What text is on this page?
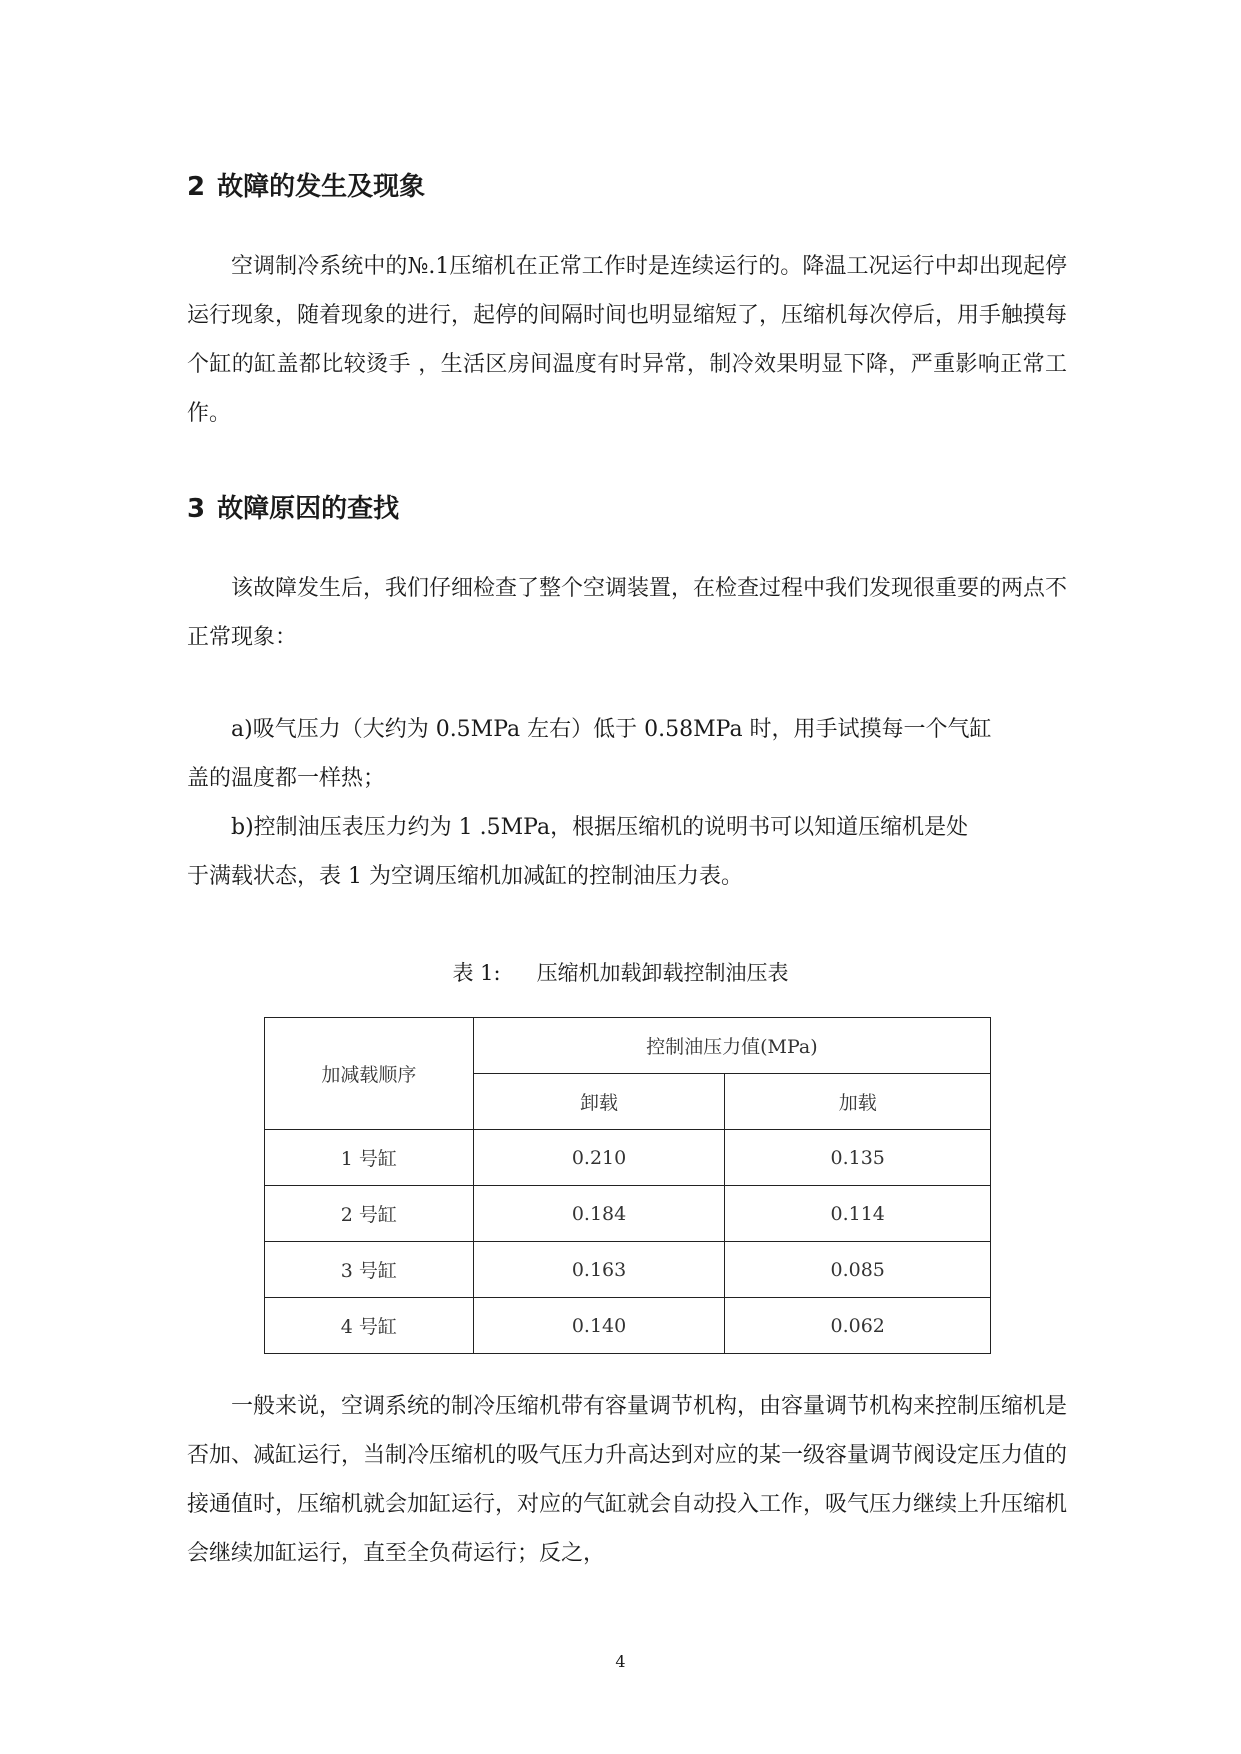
2 故障的发生及现象

空调制冷系统中的№.1压缩机在正常工作时是连续运行的。降温工况运行中却出现起停运行现象，随着现象的进行，起停的间隔时间也明显缩短了，压缩机每次停后，用手触摸每个缸的缸盖都比较烫手 ，生活区房间温度有时异常，制冷效果明显下降，严重影响正常工作。

3 故障原因的查找

该故障发生后，我们仔细检查了整个空调装置，在检查过程中我们发现很重要的两点不正常现象：

a)吸气压力（大约为 0.5MPa 左右）低于 0.58MPa 时，用手试摸每一个气缸

盖的温度都一样热；

b)控制油压表压力约为 1 .5MPa，根据压缩机的说明书可以知道压缩机是处

于满载状态，表 1 为空调压缩机加减缸的控制油压力表。

表 1: 压缩机加载卸载控制油压表

加减载顺序	控制油压力值(MPa)	
	卸载	加载
1 号缸	0.210	0.135
2 号缸	0.184	0.114
3 号缸	0.163	0.085
4 号缸	0.140	0.062

一般来说，空调系统的制冷压缩机带有容量调节机构，由容量调节机构来控制压缩机是否加、减缸运行，当制冷压缩机的吸气压力升高达到对应的某一级容量调节阀设定压力值的接通值时，压缩机就会加缸运行，对应的气缸就会自动投入工作，吸气压力继续上升压缩机会继续加缸运行，直至全负荷运行；反之，

4
